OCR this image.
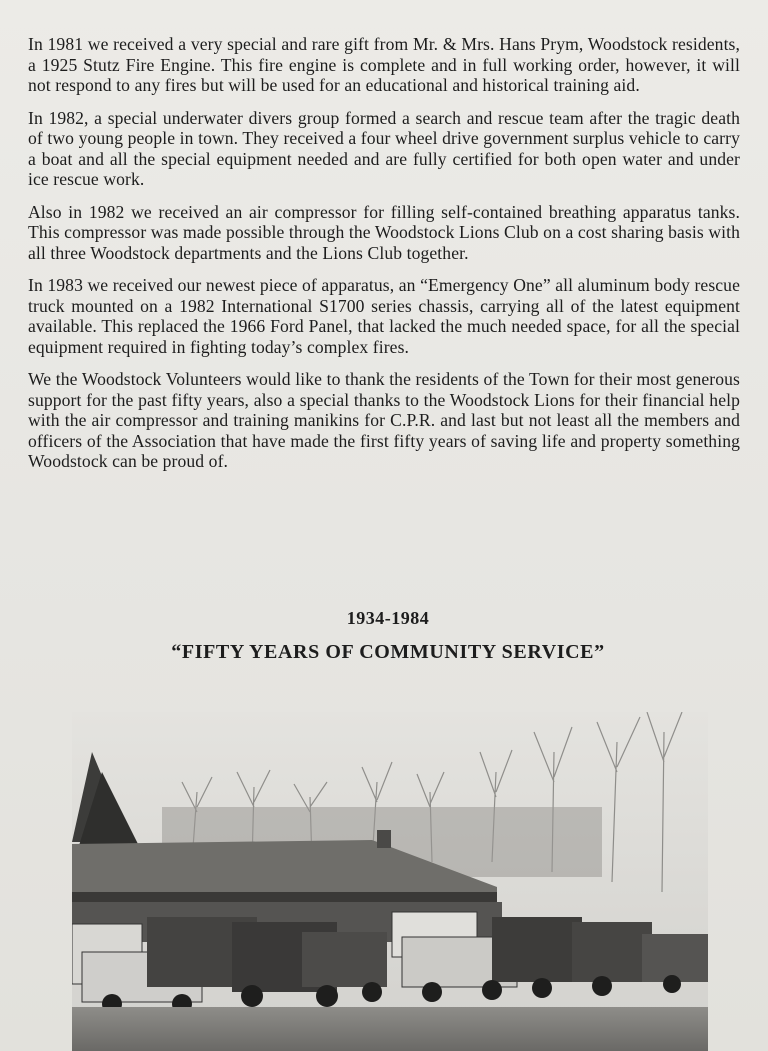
In 1981 we received a very special and rare gift from Mr. & Mrs. Hans Prym, Woodstock residents, a 1925 Stutz Fire Engine. This fire engine is complete and in full working order, however, it will not respond to any fires but will be used for an educational and historical training aid.

In 1982, a special underwater divers group formed a search and rescue team after the tragic death of two young people in town. They received a four wheel drive government surplus vehicle to carry a boat and all the special equipment needed and are fully certified for both open water and under ice rescue work.

Also in 1982 we received an air compressor for filling self-contained breathing apparatus tanks. This compressor was made possible through the Woodstock Lions Club on a cost sharing basis with all three Woodstock departments and the Lions Club together.

In 1983 we received our newest piece of apparatus, an “Emergency One” all aluminum body rescue truck mounted on a 1982 International S1700 series chassis, carrying all of the latest equipment available. This replaced the 1966 Ford Panel, that lacked the much needed space, for all the special equipment required in fighting today’s complex fires.

We the Woodstock Volunteers would like to thank the residents of the Town for their most generous support for the past fifty years, also a special thanks to the Woodstock Lions for their financial help with the air compressor and training manikins for C.P.R. and last but not least all the members and officers of the Association that have made the first fifty years of saving life and property something Woodstock can be proud of.

1934-1984
“FIFTY YEARS OF COMMUNITY SERVICE”
